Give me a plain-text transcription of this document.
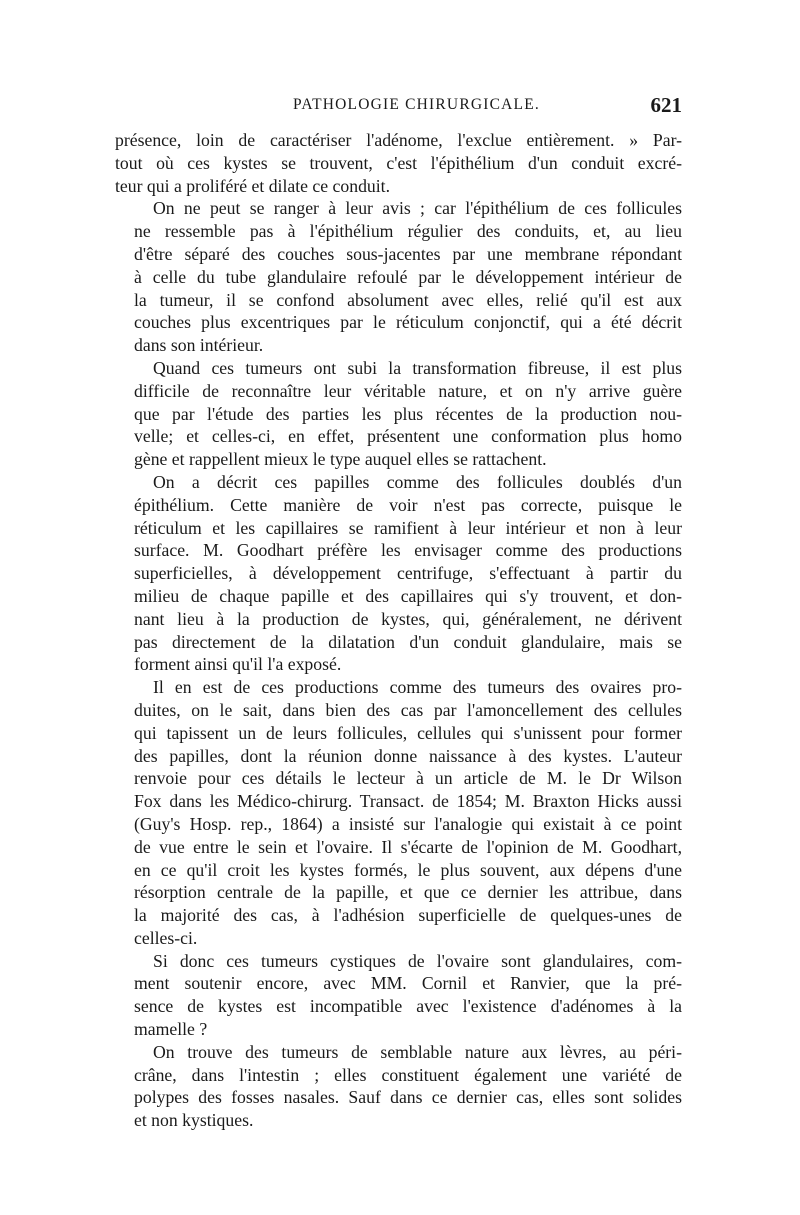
PATHOLOGIE CHIRURGICALE.	621

présence, loin de caractériser l'adénome, l'exclue entièrement. » Par-
tout où ces kystes se trouvent, c'est l'épithélium d'un conduit excré-
teur qui a proliféré et dilate ce conduit.

On ne peut se ranger à leur avis ; car l'épithélium de ces follicules
ne ressemble pas à l'épithélium régulier des conduits, et, au lieu
d'être séparé des couches sous-jacentes par une membrane répondant
à celle du tube glandulaire refoulé par le développement intérieur de
la tumeur, il se confond absolument avec elles, relié qu'il est aux
couches plus excentriques par le réticulum conjonctif, qui a été décrit
dans son intérieur.

Quand ces tumeurs ont subi la transformation fibreuse, il est plus
difficile de reconnaître leur véritable nature, et on n'y arrive guère
que par l'étude des parties les plus récentes de la production nou-
velle; et celles-ci, en effet, présentent une conformation plus homo
gène et rappellent mieux le type auquel elles se rattachent.

On a décrit ces papilles comme des follicules doublés d'un
épithélium. Cette manière de voir n'est pas correcte, puisque le
réticulum et les capillaires se ramifient à leur intérieur et non à leur
surface. M. Goodhart préfère les envisager comme des productions
superficielles, à développement centrifuge, s'effectuant à partir du
milieu de chaque papille et des capillaires qui s'y trouvent, et don-
nant lieu à la production de kystes, qui, généralement, ne dérivent
pas directement de la dilatation d'un conduit glandulaire, mais se
forment ainsi qu'il l'a exposé.

Il en est de ces productions comme des tumeurs des ovaires pro-
duites, on le sait, dans bien des cas par l'amoncellement des cellules
qui tapissent un de leurs follicules, cellules qui s'unissent pour former
des papilles, dont la réunion donne naissance à des kystes. L'auteur
renvoie pour ces détails le lecteur à un article de M. le Dr Wilson
Fox dans les Médico-chirurg. Transact. de 1854; M. Braxton Hicks aussi
(Guy's Hosp. rep., 1864) a insisté sur l'analogie qui existait à ce point
de vue entre le sein et l'ovaire. Il s'écarte de l'opinion de M. Goodhart,
en ce qu'il croit les kystes formés, le plus souvent, aux dépens d'une
résorption centrale de la papille, et que ce dernier les attribue, dans
la majorité des cas, à l'adhésion superficielle de quelques-unes de
celles-ci.

Si donc ces tumeurs cystiques de l'ovaire sont glandulaires, com-
ment soutenir encore, avec MM. Cornil et Ranvier, que la pré-
sence de kystes est incompatible avec l'existence d'adénomes à la
mamelle ?

On trouve des tumeurs de semblable nature aux lèvres, au péri-
crâne, dans l'intestin ; elles constituent également une variété de
polypes des fosses nasales. Sauf dans ce dernier cas, elles sont solides
et non kystiques.
